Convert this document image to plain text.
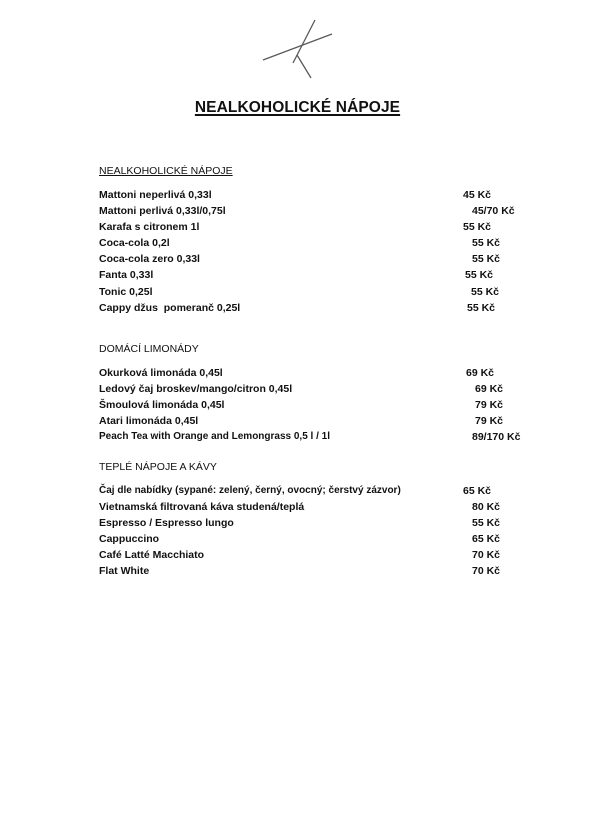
NEALKOHOLICKÉ NÁPOJE
NEALKOHOLICKÉ NÁPOJE
Mattoni neperlivá 0,33l	45 Kč
Mattoni perlivá 0,33l/0,75l	45/70 Kč
Karafa s citronem 1l	55 Kč
Coca-cola 0,2l	55 Kč
Coca-cola zero 0,33l	55 Kč
Fanta 0,33l	55 Kč
Tonic 0,25l	55 Kč
Cappy džus  pomeranč 0,25l	55 Kč
DOMÁCÍ LIMONÁDY
Okurková limonáda 0,45l	69 Kč
Ledový čaj broskev/mango/citron 0,45l	69 Kč
Šmoulová limonáda 0,45l	79 Kč
Atari limonáda 0,45l	79 Kč
Peach Tea with Orange and Lemongrass 0,5 l / 1l	89/170 Kč
TEPLÉ NÁPOJE A KÁVY
Čaj dle nabídky (sypané: zelený, černý, ovocný; čerstvý zázvor)	65 Kč
Vietnamská filtrovaná káva studená/teplá	80 Kč
Espresso / Espresso lungo	55 Kč
Cappuccino	65 Kč
Café Latté Macchiato	70 Kč
Flat White	70 Kč
